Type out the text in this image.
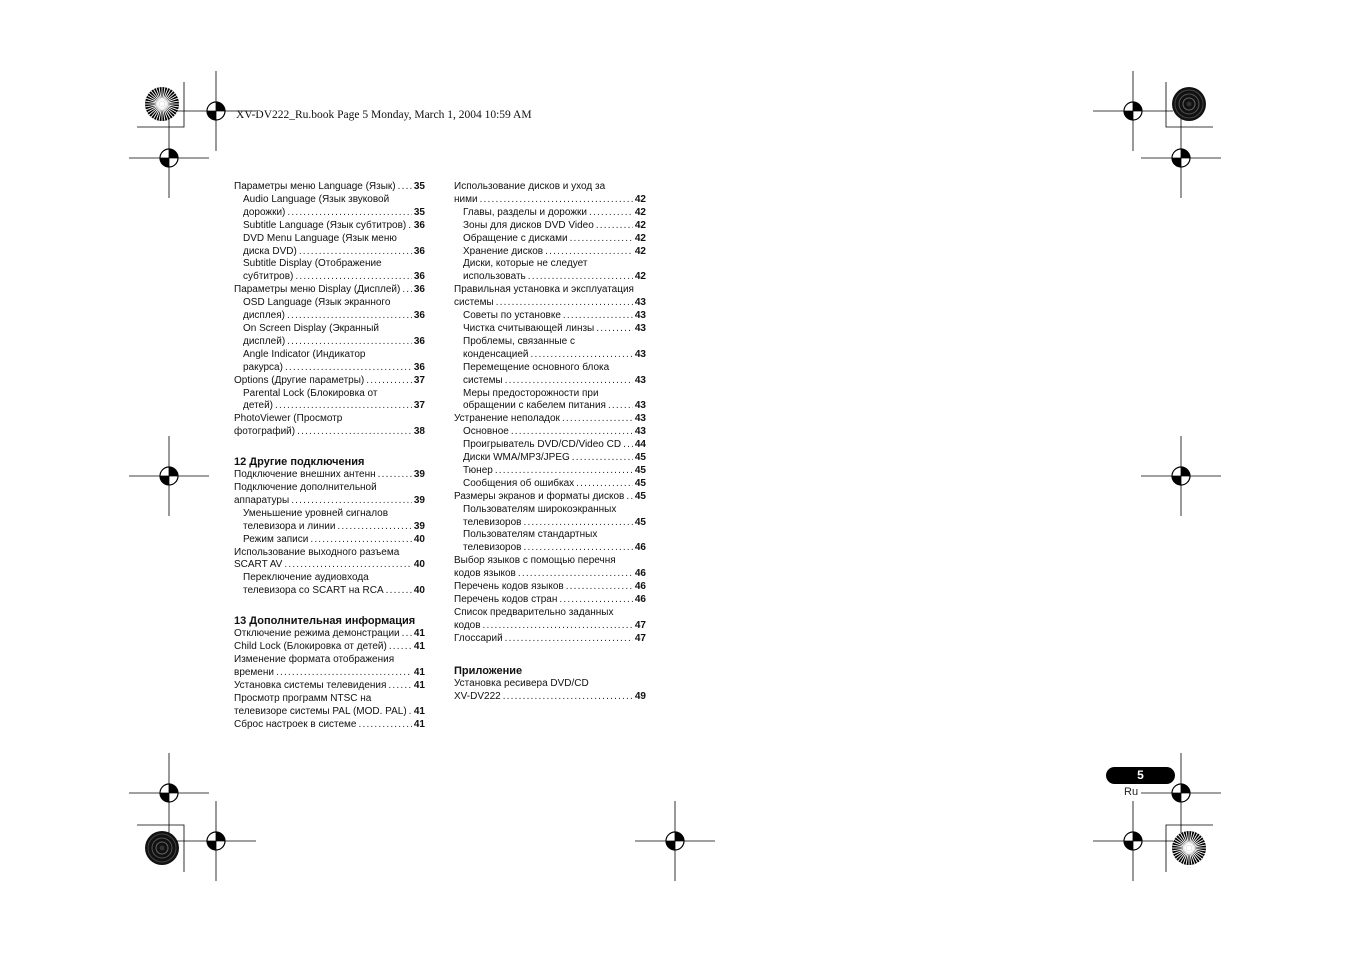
XV-DV222_Ru.book Page 5 Monday, March 1, 2004 10:59 AM
Параметры меню Language (Язык) ..... 35
Audio Language (Язык звуковой
дорожки) .....	35
Subtitle Language (Язык субтитров) ..... 36
DVD Menu Language (Язык меню
диска DVD) .....	36
Subtitle Display (Отображение
субтитров) .....	36
Параметры меню Display (Дисплей) ..... 36
OSD Language (Язык экранного
дисплея) .....	36
On Screen Display (Экранный
дисплей) .....	36
Angle Indicator (Индикатор
ракурса) .....	36
Options (Другие параметры) .....	37
Parental Lock (Блокировка от
детей) .....	37
PhotoViewer (Просмотр
фотографий) .....	38
12 Другие подключения
Подключение внешних антенн .....	39
Подключение дополнительной
аппаратуры .....	39
Уменьшение уровней сигналов
телевизора и линии .....	39
Режим записи .....	40
Использование выходного разъема
SCART AV .....	40
Переключение аудиовхода
телевизора со SCART на RCA .....	40
13 Дополнительная информация
Отключение режима демонстрации ..... 41
Child Lock (Блокировка от детей) .....	41
Изменение формата отображения
времени .....	41
Установка системы телевидения .....	41
Просмотр программ NTSC на
телевизоре системы PAL (MOD. PAL) ..... 41
Сброс настроек в системе .....	41
Использование дисков и уход за
ними .....	42
Главы, разделы и дорожки .....	42
Зоны для дисков DVD Video .....	42
Обращение с дисками .....	42
Хранение дисков .....	42
Диски, которые не следует
использовать .....	42
Правильная установка и эксплуатация
системы .....	43
Советы по установке .....	43
Чистка считывающей линзы .....	43
Проблемы, связанные с
конденсацией .....	43
Перемещение основного блока
системы .....	43
Меры предосторожности при
обращении с кабелем питания .....	43
Устранение неполадок .....	43
Основное .....	43
Проигрыватель DVD/CD/Video CD ..... 44
Диски WMA/MP3/JPEG .....	45
Тюнер .....	45
Сообщения об ошибках .....	45
Размеры экранов и форматы дисков ..... 45
Пользователям широкоэкранных
телевизоров .....	45
Пользователям стандартных
телевизоров .....	46
Выбор языков с помощью перечня
кодов языков .....	46
Перечень кодов языков .....	46
Перечень кодов стран .....	46
Список предварительно заданных
кодов .....	47
Глоссарий .....	47
Приложение
Установка ресивера DVD/CD
XV-DV222 .....	49
5
Ru
